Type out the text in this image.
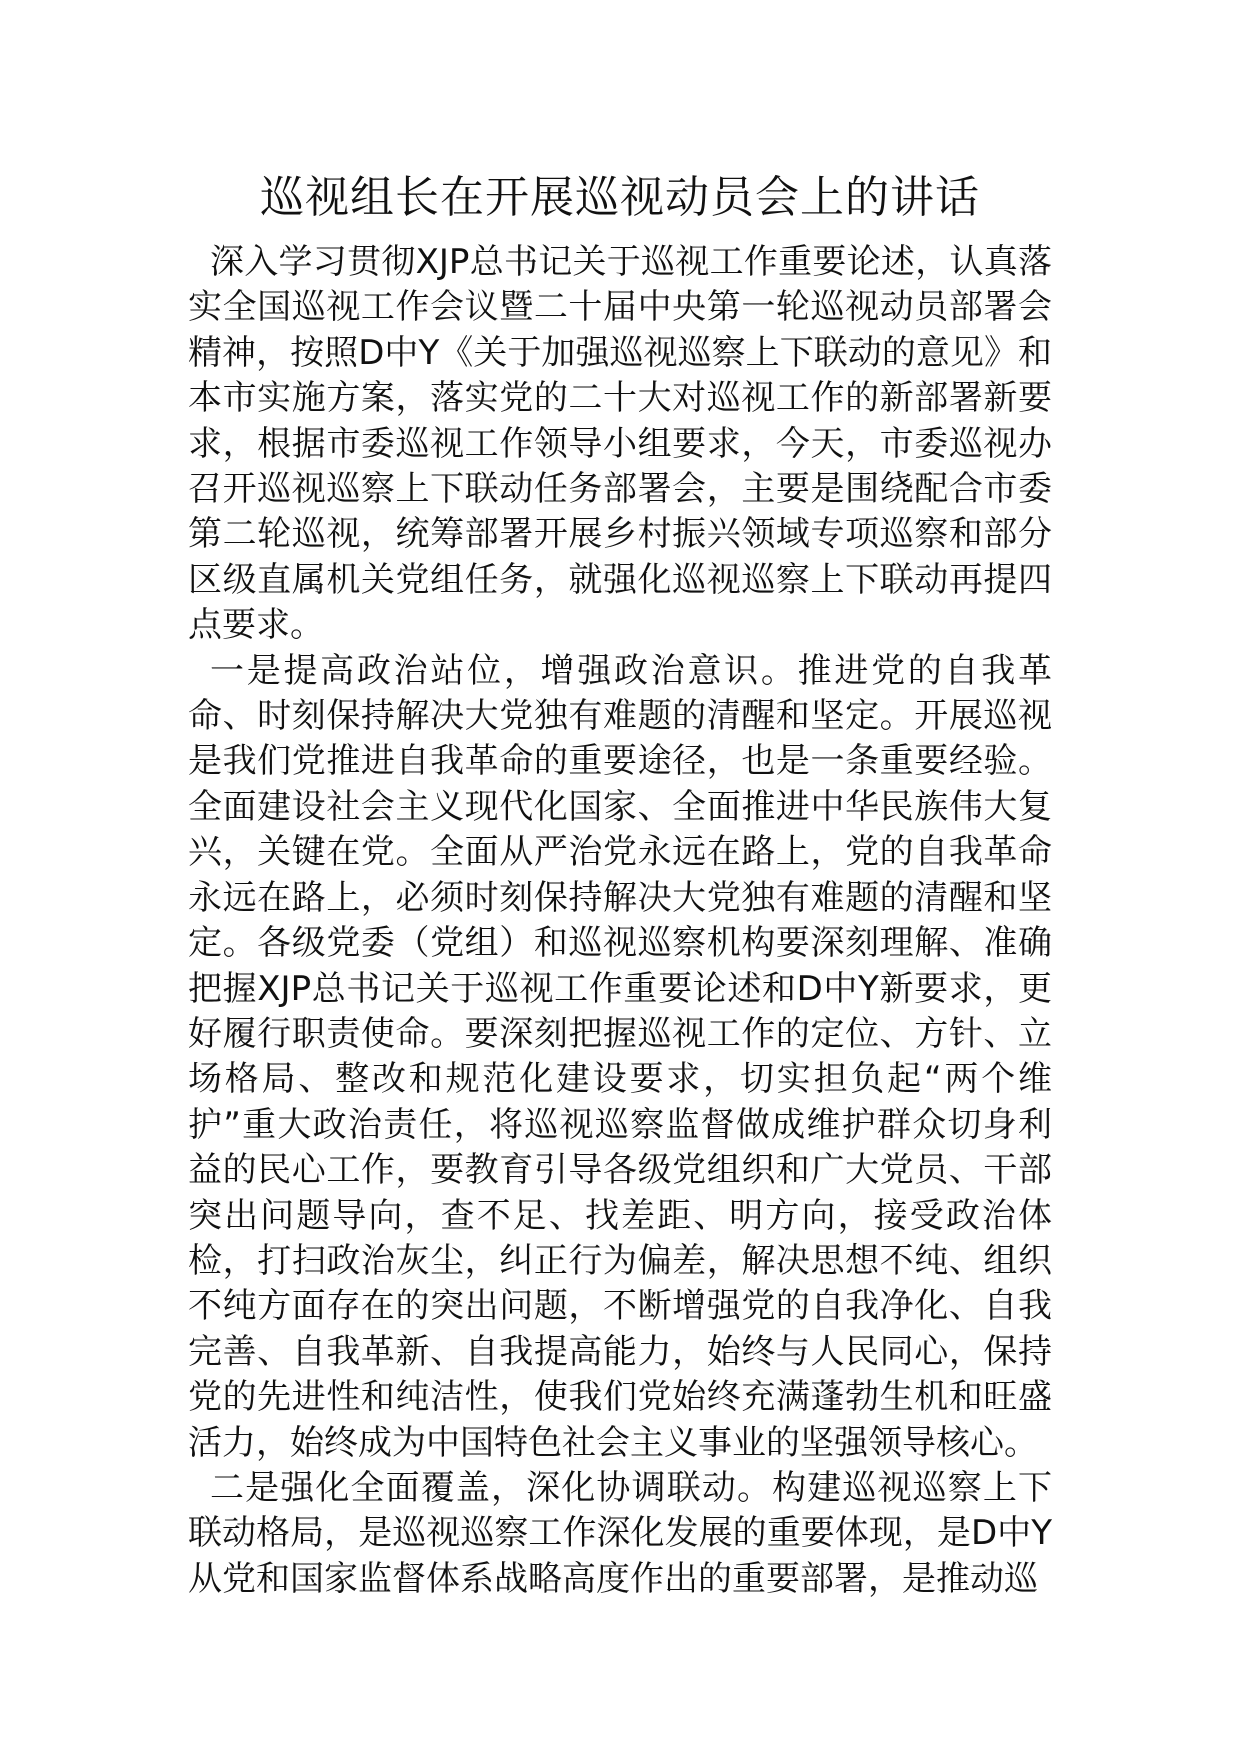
巡视组长在开展巡视动员会上的讲话

深入学习贯彻XJP总书记关于巡视工作重要论述，认真落实全国巡视工作会议暨二十届中央第一轮巡视动员部署会精神，按照D中Y《关于加强巡视巡察上下联动的意见》和本市实施方案，落实党的二十大对巡视工作的新部署新要求，根据市委巡视工作领导小组要求，今天，市委巡视办召开巡视巡察上下联动任务部署会，主要是围绕配合市委第二轮巡视，统筹部署开展乡村振兴领域专项巡察和部分区级直属机关党组任务，就强化巡视巡察上下联动再提四点要求。

一是提高政治站位，增强政治意识。推进党的自我革命、时刻保持解决大党独有难题的清醒和坚定。开展巡视是我们党推进自我革命的重要途径，也是一条重要经验。全面建设社会主义现代化国家、全面推进中华民族伟大复兴，关键在党。全面从严治党永远在路上，党的自我革命永远在路上，必须时刻保持解决大党独有难题的清醒和坚定。各级党委（党组）和巡视巡察机构要深刻理解、准确把握XJP总书记关于巡视工作重要论述和D中Y新要求，更好履行职责使命。要深刻把握巡视工作的定位、方针、立场格局、整改和规范化建设要求，切实担负起“两个维护”重大政治责任，将巡视巡察监督做成维护群众切身利益的民心工作，要教育引导各级党组织和广大党员、干部突出问题导向，查不足、找差距、明方向，接受政治体检，打扫政治灰尘，纠正行为偏差，解决思想不纯、组织不纯方面存在的突出问题，不断增强党的自我净化、自我完善、自我革新、自我提高能力，始终与人民同心，保持党的先进性和纯洁性，使我们党始终充满蓬勃生机和旺盛活力，始终成为中国特色社会主义事业的坚强领导核心。

二是强化全面覆盖，深化协调联动。构建巡视巡察上下联动格局，是巡视巡察工作深化发展的重要体现，是D中Y从党和国家监督体系战略高度作出的重要部署，是推动巡
